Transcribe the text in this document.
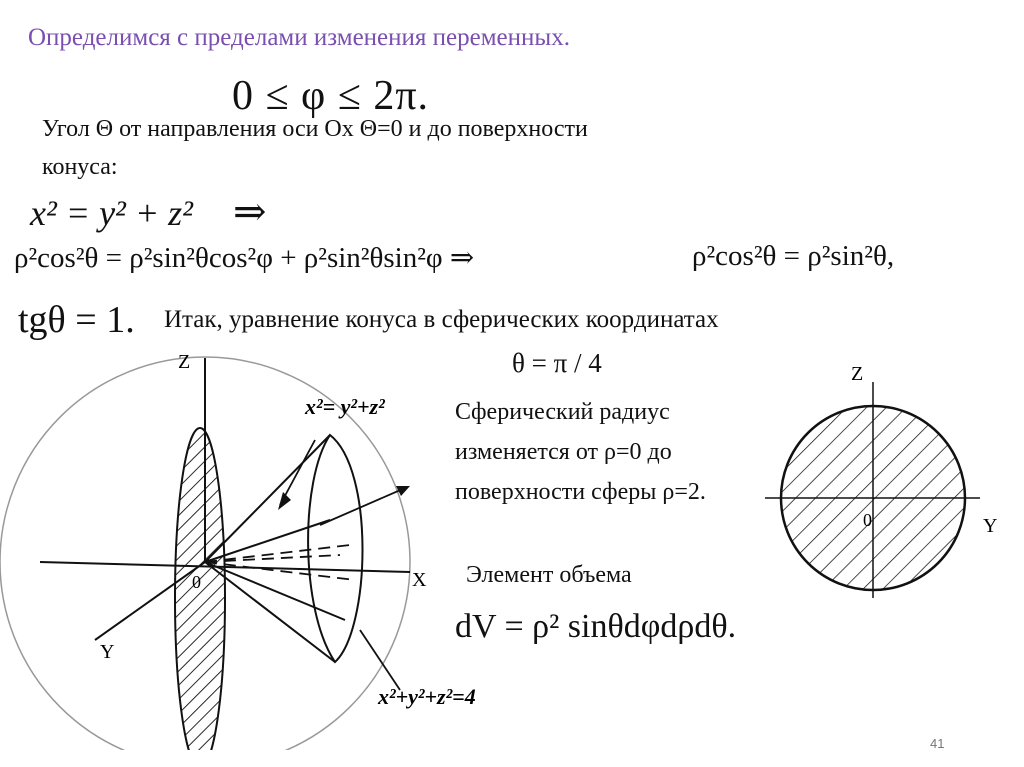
Определимся с пределами изменения переменных.
0 ≤ φ ≤ 2π.
Угол Θ от направления оси Ох Θ=0 и до поверхности
конуса:
x² = y² + z² ⇒
ρ²cos²θ = ρ²sin²θcos²φ + ρ²sin²θsin²φ ⇒	ρ²cos²θ = ρ²sin²θ,
tgθ = 1. Итак, уравнение конуса в сферических координатах
θ = π / 4
Сферический радиус изменяется от ρ=0 до поверхности сферы ρ=2.
Элемент объема
dV = ρ² sinθdφdρdθ.
41
Z
X
Y
0
x²= y²+z²
x²+y²+z²=4
Z
Y
0
